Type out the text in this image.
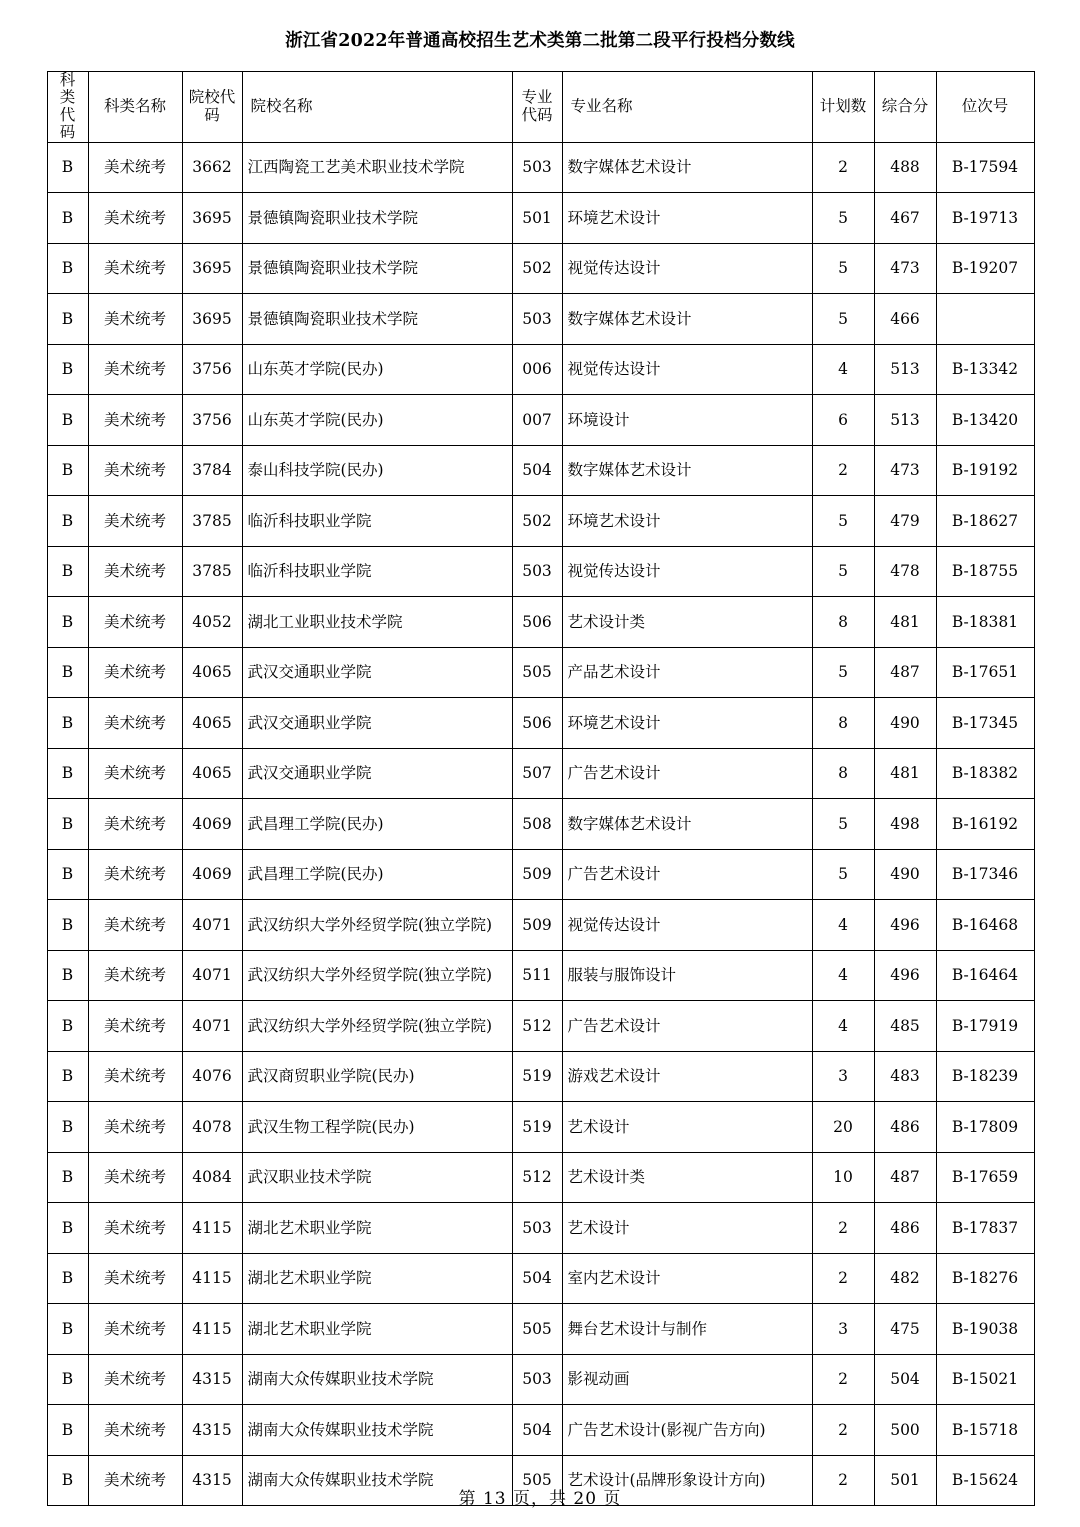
浙江省2022年普通高校招生艺术类第二批第二段平行投档分数线
科类代码	科类名称	院校代码	院校名称	专业代码	专业名称	计划数	综合分	位次号
B	美术统考	3662	江西陶瓷工艺美术职业技术学院	503	数字媒体艺术设计	2	488	B-17594
B	美术统考	3695	景德镇陶瓷职业技术学院	501	环境艺术设计	5	467	B-19713
B	美术统考	3695	景德镇陶瓷职业技术学院	502	视觉传达设计	5	473	B-19207
B	美术统考	3695	景德镇陶瓷职业技术学院	503	数字媒体艺术设计	5	466	
B	美术统考	3756	山东英才学院(民办)	006	视觉传达设计	4	513	B-13342
B	美术统考	3756	山东英才学院(民办)	007	环境设计	6	513	B-13420
B	美术统考	3784	泰山科技学院(民办)	504	数字媒体艺术设计	2	473	B-19192
B	美术统考	3785	临沂科技职业学院	502	环境艺术设计	5	479	B-18627
B	美术统考	3785	临沂科技职业学院	503	视觉传达设计	5	478	B-18755
B	美术统考	4052	湖北工业职业技术学院	506	艺术设计类	8	481	B-18381
B	美术统考	4065	武汉交通职业学院	505	产品艺术设计	5	487	B-17651
B	美术统考	4065	武汉交通职业学院	506	环境艺术设计	8	490	B-17345
B	美术统考	4065	武汉交通职业学院	507	广告艺术设计	8	481	B-18382
B	美术统考	4069	武昌理工学院(民办)	508	数字媒体艺术设计	5	498	B-16192
B	美术统考	4069	武昌理工学院(民办)	509	广告艺术设计	5	490	B-17346
B	美术统考	4071	武汉纺织大学外经贸学院(独立学院)	509	视觉传达设计	4	496	B-16468
B	美术统考	4071	武汉纺织大学外经贸学院(独立学院)	511	服装与服饰设计	4	496	B-16464
B	美术统考	4071	武汉纺织大学外经贸学院(独立学院)	512	广告艺术设计	4	485	B-17919
B	美术统考	4076	武汉商贸职业学院(民办)	519	游戏艺术设计	3	483	B-18239
B	美术统考	4078	武汉生物工程学院(民办)	519	艺术设计	20	486	B-17809
B	美术统考	4084	武汉职业技术学院	512	艺术设计类	10	487	B-17659
B	美术统考	4115	湖北艺术职业学院	503	艺术设计	2	486	B-17837
B	美术统考	4115	湖北艺术职业学院	504	室内艺术设计	2	482	B-18276
B	美术统考	4115	湖北艺术职业学院	505	舞台艺术设计与制作	3	475	B-19038
B	美术统考	4315	湖南大众传媒职业技术学院	503	影视动画	2	504	B-15021
B	美术统考	4315	湖南大众传媒职业技术学院	504	广告艺术设计(影视广告方向)	2	500	B-15718
B	美术统考	4315	湖南大众传媒职业技术学院	505	艺术设计(品牌形象设计方向)	2	501	B-15624
第 13 页，共 20 页
